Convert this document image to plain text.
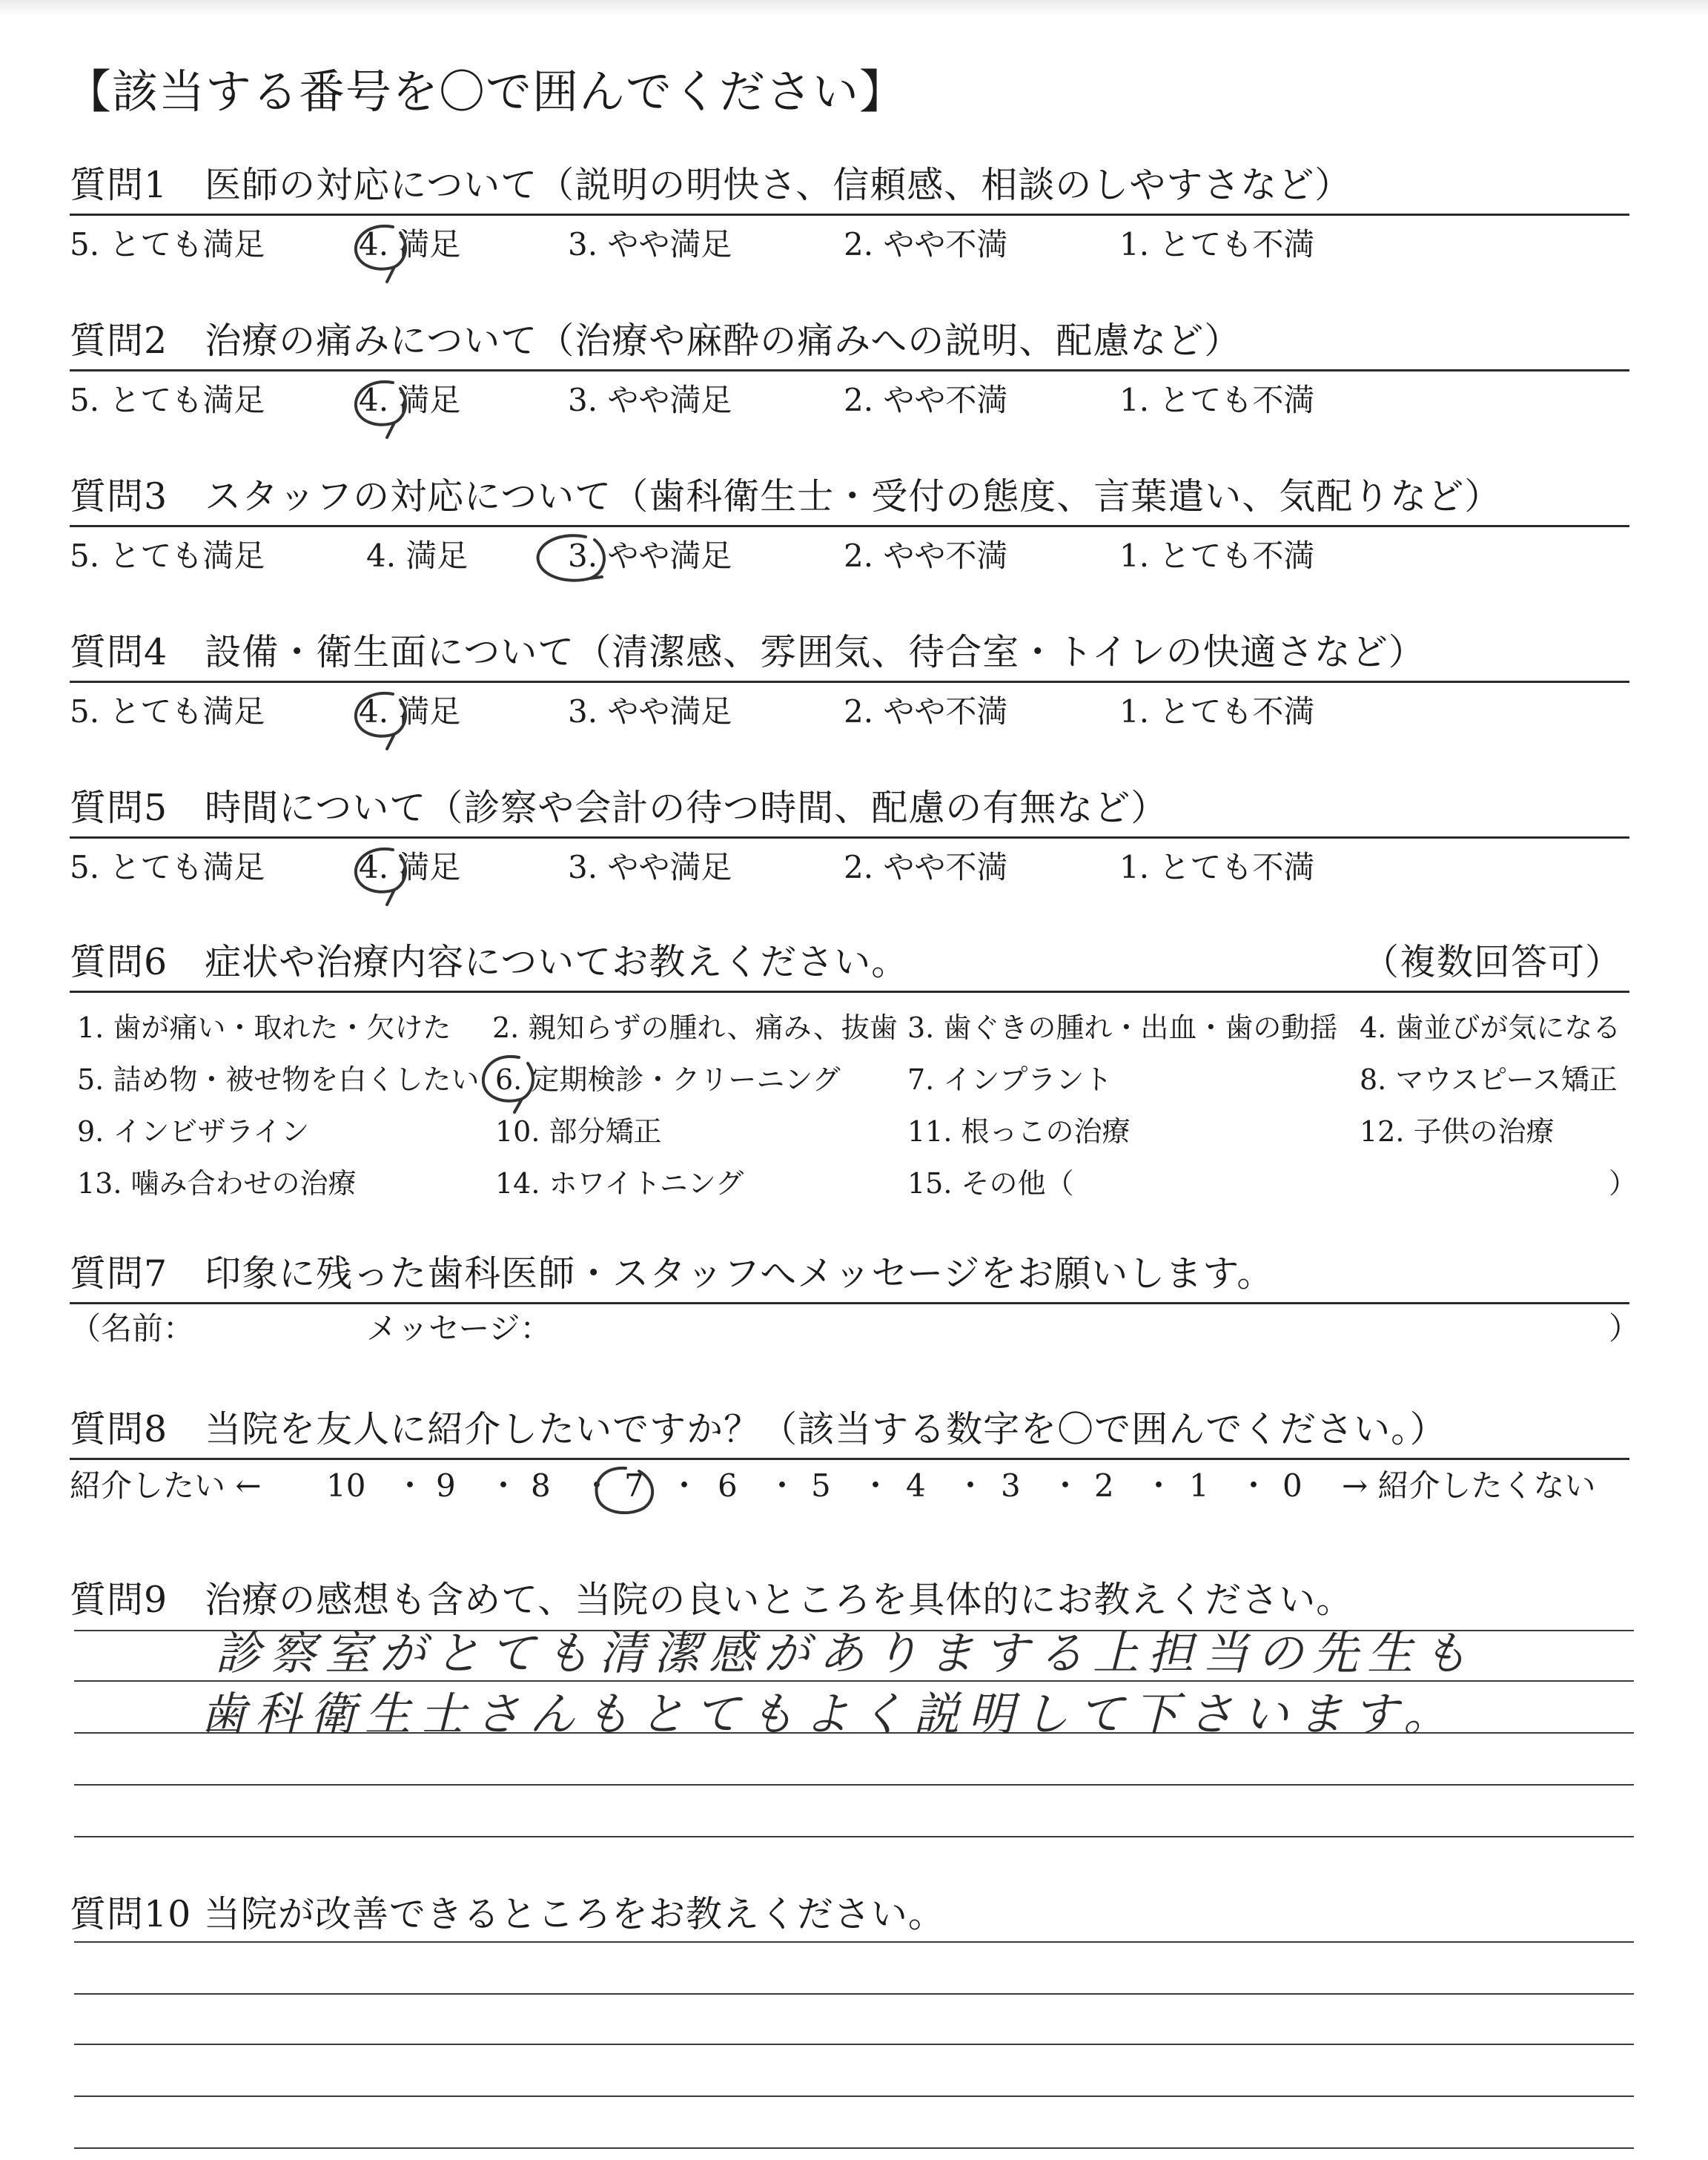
【該当する番号を〇で囲んでください】
質問1　医師の対応について（説明の明快さ、信頼感、相談のしやすさなど）
5. とても満足	4. 満足	3. やや満足	2. やや不満	1. とても不満
質問2　治療の痛みについて（治療や麻酔の痛みへの説明、配慮など）
5. とても満足	4. 満足	3. やや満足	2. やや不満	1. とても不満
質問3　スタッフの対応について（歯科衛生士・受付の態度、言葉遣い、気配りなど）
5. とても満足	4. 満足	3. やや満足	2. やや不満	1. とても不満
質問4　設備・衛生面について（清潔感、雰囲気、待合室・トイレの快適さなど）
5. とても満足	4. 満足	3. やや満足	2. やや不満	1. とても不満
質問5　時間について（診察や会計の待つ時間、配慮の有無など）
5. とても満足	4. 満足	3. やや満足	2. やや不満	1. とても不満
質問6　症状や治療内容についてお教えください。	（複数回答可）
1. 歯が痛い・取れた・欠けた 2. 親知らずの腫れ、痛み、抜歯 3. 歯ぐきの腫れ・出血・歯の動揺 4. 歯並びが気になる
5. 詰め物・被せ物を白くしたい 6. 定期検診・クリーニング 7. インプラント	8. マウスピース矯正
9. インビザライン	10. 部分矯正	11. 根っこの治療	12. 子供の治療
13. 噛み合わせの治療	14. ホワイトニング	15. その他（	）
質問7　印象に残った歯科医師・スタッフへメッセージをお願いします。
（名前：	メッセージ：	）
質問8　当院を友人に紹介したいですか？（該当する数字を〇で囲んでください。）
紹介したい ←	→ 紹介したくない
10 ・ 9 ・ 8 ・ 7 ・ 6 ・ 5 ・ 4 ・ 3 ・ 2 ・ 1 ・ 0
質問9　治療の感想も含めて、当院の良いところを具体的にお教えください。
診察室がとても清潔感がありまする上担当の先生も
歯科衛生士さんもとてもよく説明して下さいます。
質問10 当院が改善できるところをお教えください。
